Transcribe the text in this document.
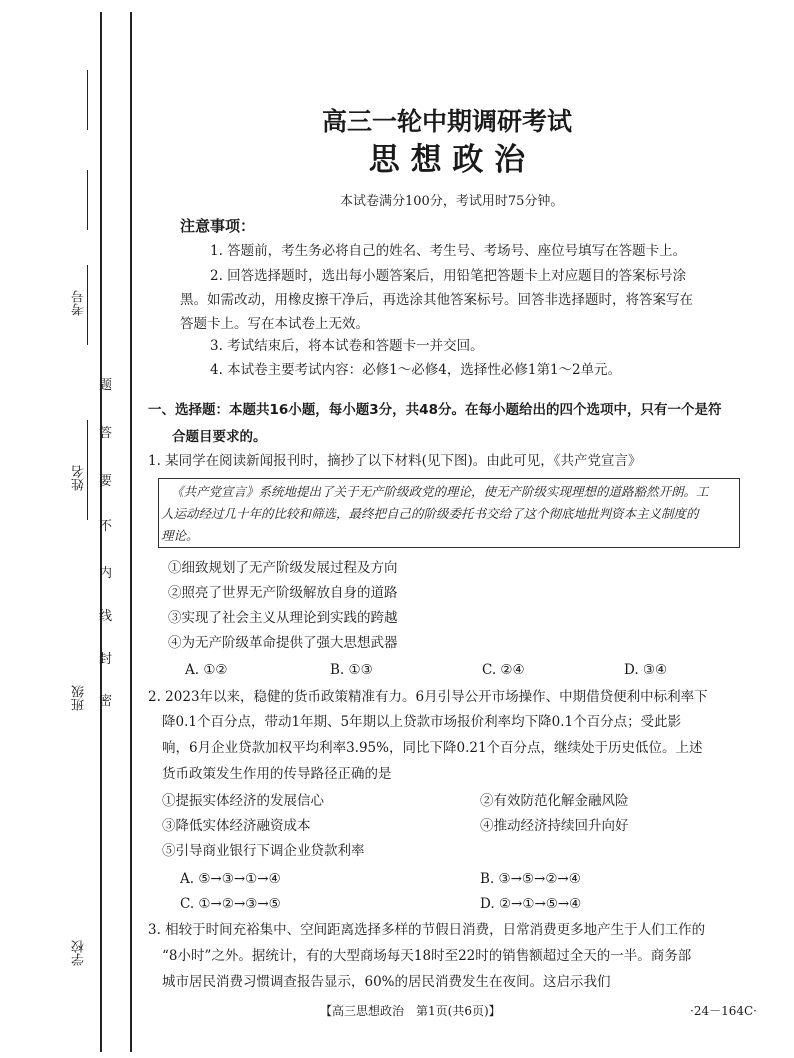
考号
姓名
班级
学校
密
封
线
内
不
要
答
题
高三一轮中期调研考试
思 想 政 治
本试卷满分100分，考试用时75分钟。
注意事项：
1. 答题前，考生务必将自己的姓名、考生号、考场号、座位号填写在答题卡上。
2. 回答选择题时，选出每小题答案后，用铅笔把答题卡上对应题目的答案标号涂
黑。如需改动，用橡皮擦干净后，再选涂其他答案标号。回答非选择题时，将答案写在
答题卡上。写在本试卷上无效。
3. 考试结束后，将本试卷和答题卡一并交回。
4. 本试卷主要考试内容：必修1～必修4，选择性必修1第1～2单元。
一、选择题：本题共16小题，每小题3分，共48分。在每小题给出的四个选项中，只有一个是符
合题目要求的。
1. 某同学在阅读新闻报刊时，摘抄了以下材料(见下图)。由此可见，《共产党宣言》
《共产党宣言》系统地提出了关于无产阶级政党的理论，使无产阶级实现理想的道路豁然开朗。工
人运动经过几十年的比较和筛选，最终把自己的阶级委托书交给了这个彻底地批判资本主义制度的
理论。
①细致规划了无产阶级发展过程及方向
②照亮了世界无产阶级解放自身的道路
③实现了社会主义从理论到实践的跨越
④为无产阶级革命提供了强大思想武器
A. ①②	B. ①③	C. ②④	D. ③④
2. 2023年以来，稳健的货币政策精准有力。6月引导公开市场操作、中期借贷便利中标利率下
降0.1个百分点，带动1年期、5年期以上贷款市场报价利率均下降0.1个百分点；受此影
响，6月企业贷款加权平均利率3.95%，同比下降0.21个百分点，继续处于历史低位。上述
货币政策发生作用的传导路径正确的是
①提振实体经济的发展信心	②有效防范化解金融风险
③降低实体经济融资成本	④推动经济持续回升向好
⑤引导商业银行下调企业贷款利率
A. ⑤→③→①→④	B. ③→⑤→②→④
C. ①→②→③→⑤	D. ②→①→⑤→④
3. 相较于时间充裕集中、空间距离选择多样的节假日消费，日常消费更多地产生于人们工作的
“8小时”之外。据统计，有的大型商场每天18时至22时的销售额超过全天的一半。商务部
城市居民消费习惯调查报告显示，60%的居民消费发生在夜间。这启示我们
【高三思想政治　第1页(共6页)】	·24－164C·
